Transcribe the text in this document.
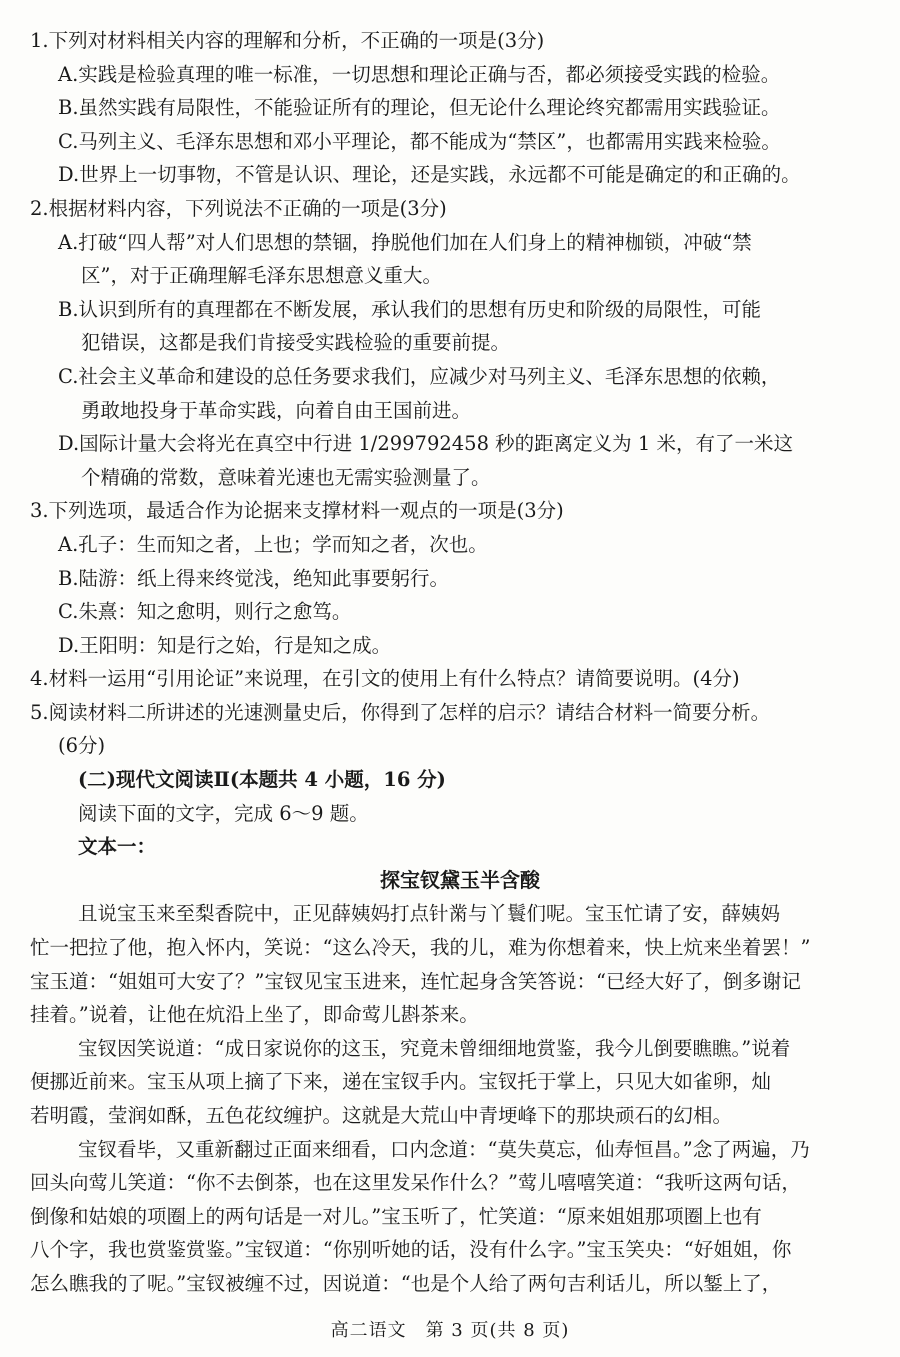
1.下列对材料相关内容的理解和分析，不正确的一项是(3分)
A.实践是检验真理的唯一标准，一切思想和理论正确与否，都必须接受实践的检验。
B.虽然实践有局限性，不能验证所有的理论，但无论什么理论终究都需用实践验证。
C.马列主义、毛泽东思想和邓小平理论，都不能成为“禁区”，也都需用实践来检验。
D.世界上一切事物，不管是认识、理论，还是实践，永远都不可能是确定的和正确的。
2.根据材料内容，下列说法不正确的一项是(3分)
A.打破“四人帮”对人们思想的禁锢，挣脱他们加在人们身上的精神枷锁，冲破“禁
区”，对于正确理解毛泽东思想意义重大。
B.认识到所有的真理都在不断发展，承认我们的思想有历史和阶级的局限性，可能
犯错误，这都是我们肯接受实践检验的重要前提。
C.社会主义革命和建设的总任务要求我们，应减少对马列主义、毛泽东思想的依赖，
勇敢地投身于革命实践，向着自由王国前进。
D.国际计量大会将光在真空中行进 1/299792458 秒的距离定义为 1 米，有了一米这
个精确的常数，意味着光速也无需实验测量了。
3.下列选项，最适合作为论据来支撑材料一观点的一项是(3分)
A.孔子：生而知之者，上也；学而知之者，次也。
B.陆游：纸上得来终觉浅，绝知此事要躬行。
C.朱熹：知之愈明，则行之愈笃。
D.王阳明：知是行之始，行是知之成。
4.材料一运用“引用论证”来说理，在引文的使用上有什么特点？请简要说明。(4分)
5.阅读材料二所讲述的光速测量史后，你得到了怎样的启示？请结合材料一简要分析。
(6分)
(二)现代文阅读Ⅱ(本题共 4 小题，16 分)
阅读下面的文字，完成 6～9 题。
文本一：
探宝钗黛玉半含酸
且说宝玉来至梨香院中，正见薛姨妈打点针黹与丫鬟们呢。宝玉忙请了安，薛姨妈
忙一把拉了他，抱入怀内，笑说：“这么冷天，我的儿，难为你想着来，快上炕来坐着罢！”
宝玉道：“姐姐可大安了？”宝钗见宝玉进来，连忙起身含笑答说：“已经大好了，倒多谢记
挂着。”说着，让他在炕沿上坐了，即命莺儿斟茶来。
宝钗因笑说道：“成日家说你的这玉，究竟未曾细细地赏鉴，我今儿倒要瞧瞧。”说着
便挪近前来。宝玉从项上摘了下来，递在宝钗手内。宝钗托于掌上，只见大如雀卵，灿
若明霞，莹润如酥，五色花纹缠护。这就是大荒山中青埂峰下的那块顽石的幻相。
宝钗看毕，又重新翻过正面来细看，口内念道：“莫失莫忘，仙寿恒昌。”念了两遍，乃
回头向莺儿笑道：“你不去倒茶，也在这里发呆作什么？”莺儿嘻嘻笑道：“我听这两句话，
倒像和姑娘的项圈上的两句话是一对儿。”宝玉听了，忙笑道：“原来姐姐那项圈上也有
八个字，我也赏鉴赏鉴。”宝钗道：“你别听她的话，没有什么字。”宝玉笑央：“好姐姐，你
怎么瞧我的了呢。”宝钗被缠不过，因说道：“也是个人给了两句吉利话儿，所以錾上了，
高二语文　第 3 页(共 8 页)
